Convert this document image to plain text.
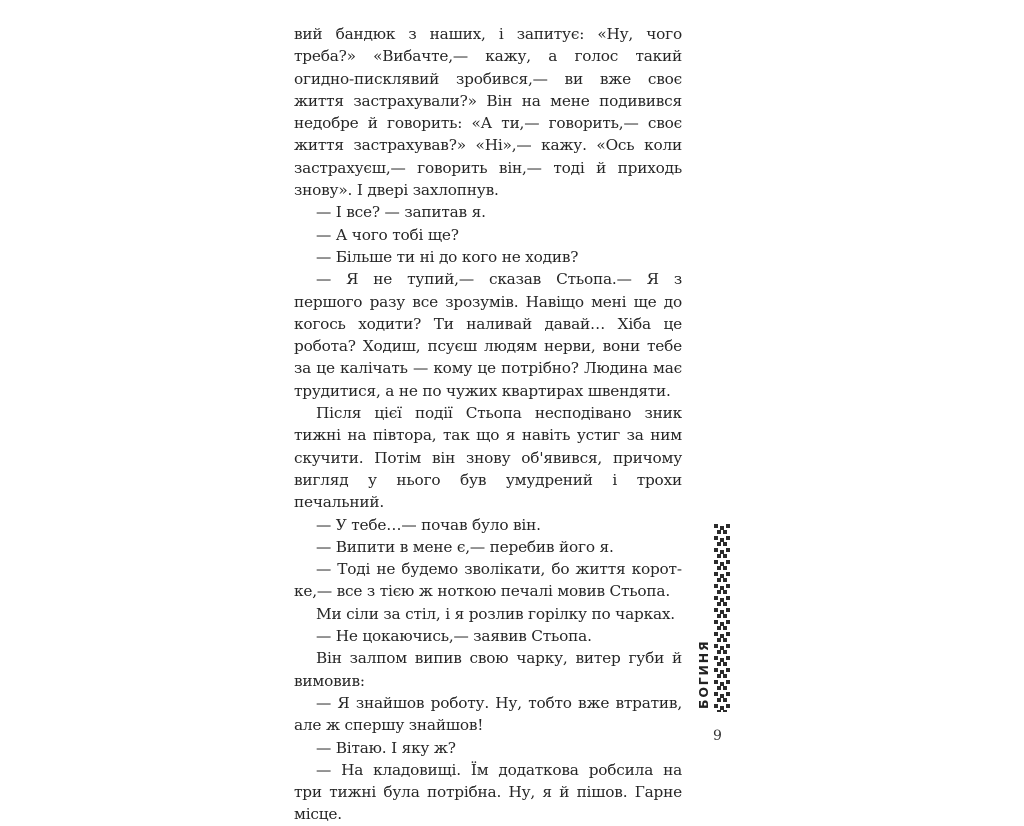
вий бандюк з наших, і запитує: «Ну, чого треба?» «Вибачте,— кажу, а голос такий огидно-писклявий зробився,— ви вже своє життя застрахували?» Він на мене подивився недобре й говорить: «А ти,— говорить,— своє життя застрахував?» «Ні»,— кажу. «Ось коли застрахуєш,— говорить він,— тоді й приходь знову». І двері захлопнув.

— І все? — запитав я.

— А чого тобі ще?

— Більше ти ні до кого не ходив?

— Я не тупий,— сказав Стьопа.— Я з першого разу все зрозумів. Навіщо мені ще до когось ходити? Ти наливай давай… Хіба це робота? Ходиш, псуєш людям нерви, вони тебе за це калічать — кому це потрібно? Людина має трудитися, а не по чужих квартирах швендяти.

Після цієї події Стьопа несподівано зник тижні на півтора, так що я навіть устиг за ним скучити. Потім він знову об'явився, причому вигляд у нього був умудрений і трохи печальний.

— У тебе…— почав було він.

— Випити в мене є,— перебив його я.

— Тоді не будемо зволікати, бо життя коротке,— все з тією ж ноткою печалі мовив Стьопа.

Ми сіли за стіл, і я розлив горілку по чарках.

— Не цокаючись,— заявив Стьопа.

Він залпом випив свою чарку, витер губи й вимовив:

— Я знайшов роботу. Ну, тобто вже втратив, але ж спершу знайшов!

— Вітаю. І яку ж?

— На кладовищі. Їм додаткова робсила на три тижні була потрібна. Ну, я й пішов. Гарне місце.

БОГИНЯ
9
